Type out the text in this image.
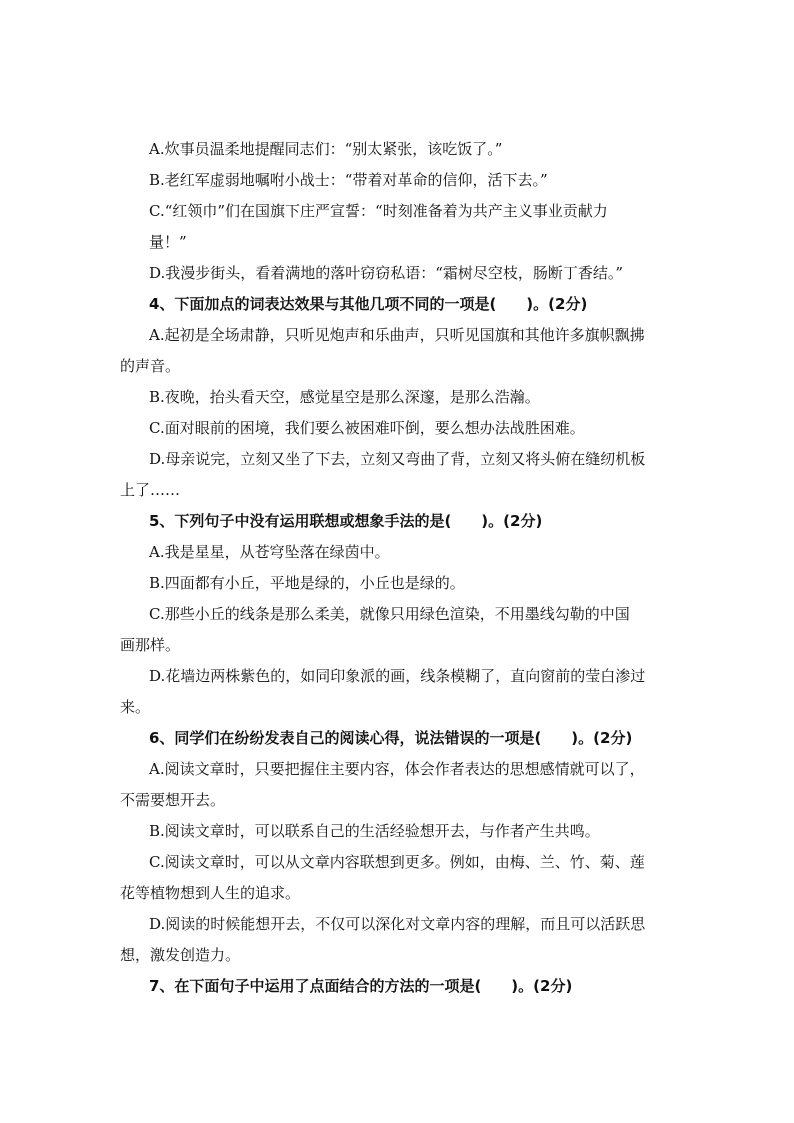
A.炊事员温柔地提醒同志们：“别太紧张，该吃饭了。”
B.老红军虚弱地嘱咐小战士：“带着对革命的信仰，活下去。”
C.“红领巾”们在国旗下庄严宣誓：“时刻准备着为共产主义事业贡献力
量！”
D.我漫步街头，看着满地的落叶窃窃私语：“霜树尽空枝，肠断丁香结。”
4、下面加点的词表达效果与其他几项不同的一项是(　　)。(2分)
A.起初是全场肃静，只听见炮声和乐曲声，只听见国旗和其他许多旗帜飘拂
的声音。
B.夜晚，抬头看天空，感觉星空是那么深邃，是那么浩瀚。
C.面对眼前的困境，我们要么被困难吓倒，要么想办法战胜困难。
D.母亲说完，立刻又坐了下去，立刻又弯曲了背，立刻又将头俯在缝纫机板
上了……
5、下列句子中没有运用联想或想象手法的是(　　)。(2分)
A.我是星星，从苍穹坠落在绿茵中。
B.四面都有小丘，平地是绿的，小丘也是绿的。
C.那些小丘的线条是那么柔美，就像只用绿色渲染，不用墨线勾勒的中国
画那样。
D.花墙边两株紫色的，如同印象派的画，线条模糊了，直向窗前的莹白渗过
来。
6、同学们在纷纷发表自己的阅读心得，说法错误的一项是(　　)。(2分)
A.阅读文章时，只要把握住主要内容，体会作者表达的思想感情就可以了，
不需要想开去。
B.阅读文章时，可以联系自己的生活经验想开去，与作者产生共鸣。
C.阅读文章时，可以从文章内容联想到更多。例如，由梅、兰、竹、菊、莲
花等植物想到人生的追求。
D.阅读的时候能想开去，不仅可以深化对文章内容的理解，而且可以活跃思
想，激发创造力。
7、在下面句子中运用了点面结合的方法的一项是(　　)。(2分)
